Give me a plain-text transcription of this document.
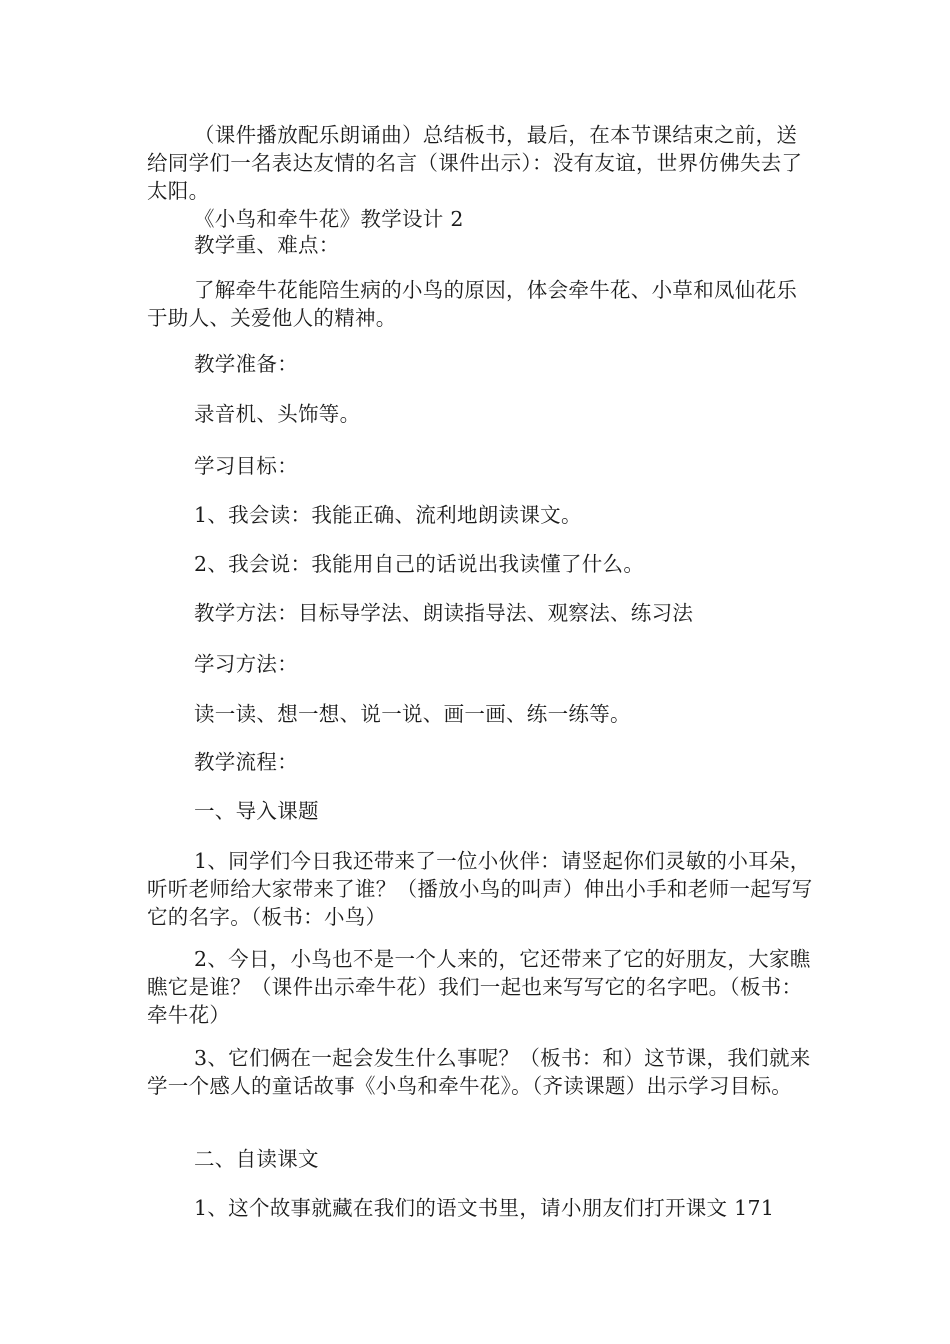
（课件播放配乐朗诵曲）总结板书，最后，在本节课结束之前，送给同学们一名表达友情的名言（课件出示）：没有友谊，世界仿佛失去了太阳。
《小鸟和牵牛花》教学设计 2
教学重、难点：
了解牵牛花能陪生病的小鸟的原因，体会牵牛花、小草和凤仙花乐于助人、关爱他人的精神。
教学准备：
录音机、头饰等。
学习目标：
1、我会读：我能正确、流利地朗读课文。
2、我会说：我能用自己的话说出我读懂了什么。
教学方法：目标导学法、朗读指导法、观察法、练习法
学习方法：
读一读、想一想、说一说、画一画、练一练等。
教学流程：
一、导入课题
1、同学们今日我还带来了一位小伙伴：请竖起你们灵敏的小耳朵，听听老师给大家带来了谁？（播放小鸟的叫声）伸出小手和老师一起写写它的名字。（板书：小鸟）
2、今日，小鸟也不是一个人来的，它还带来了它的好朋友，大家瞧瞧它是谁？（课件出示牵牛花）我们一起也来写写它的名字吧。（板书：牵牛花）
3、它们俩在一起会发生什么事呢？（板书：和）这节课，我们就来学一个感人的童话故事《小鸟和牵牛花》。（齐读课题）出示学习目标。
二、自读课文
1、这个故事就藏在我们的语文书里，请小朋友们打开课文 171
